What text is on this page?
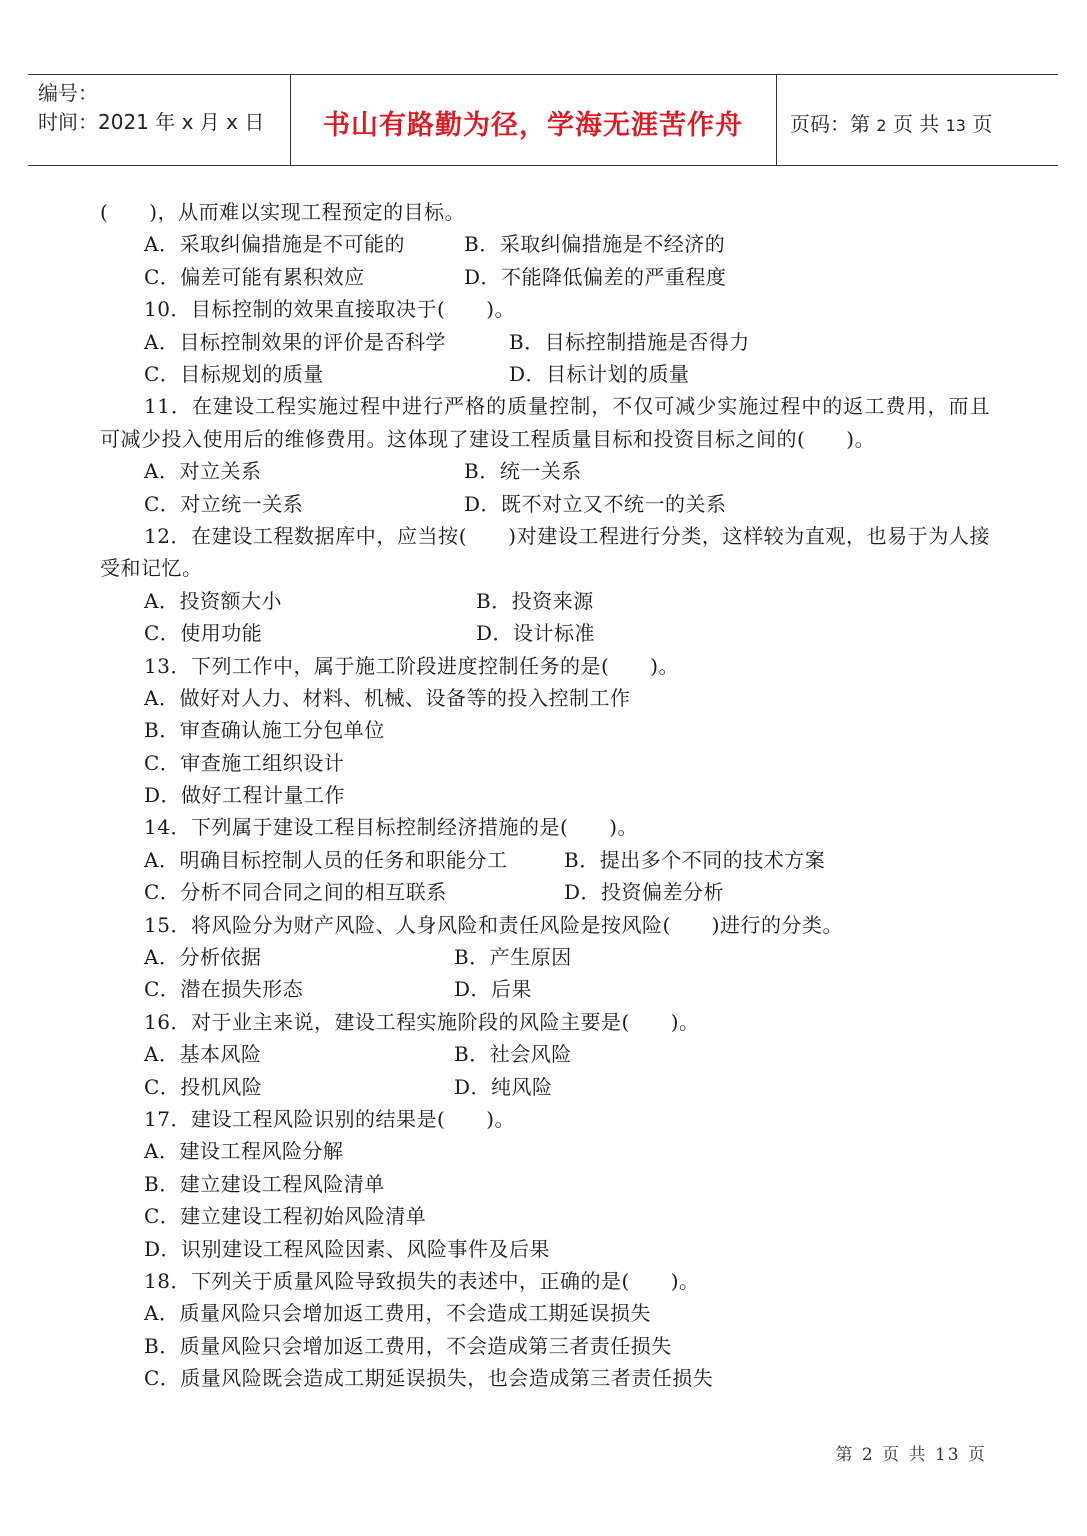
编号：
时间：2021 年 x 月 x 日	书山有路勤为径，学海无涯苦作舟	页码：第 2 页 共 13 页
(　　)，从而难以实现工程预定的目标。
A．采取纠偏措施是不可能的	B．采取纠偏措施是不经济的
C．偏差可能有累积效应	D．不能降低偏差的严重程度
10．目标控制的效果直接取决于(　　)。
A．目标控制效果的评价是否科学	B．目标控制措施是否得力
C．目标规划的质量	D．目标计划的质量
11．在建设工程实施过程中进行严格的质量控制，不仅可减少实施过程中的返工费用，而且可减少投入使用后的维修费用。这体现了建设工程质量目标和投资目标之间的(　　)。
A．对立关系	B．统一关系
C．对立统一关系	D．既不对立又不统一的关系
12．在建设工程数据库中，应当按(　　)对建设工程进行分类，这样较为直观，也易于为人接受和记忆。
A．投资额大小	B．投资来源
C．使用功能	D．设计标准
13．下列工作中，属于施工阶段进度控制任务的是(　　)。
A．做好对人力、材料、机械、设备等的投入控制工作
B．审查确认施工分包单位
C．审查施工组织设计
D．做好工程计量工作
14．下列属于建设工程目标控制经济措施的是(　　)。
A．明确目标控制人员的任务和职能分工	B．提出多个不同的技术方案
C．分析不同合同之间的相互联系	D．投资偏差分析
15．将风险分为财产风险、人身风险和责任风险是按风险(　　)进行的分类。
A．分析依据	B．产生原因
C．潜在损失形态	D．后果
16．对于业主来说，建设工程实施阶段的风险主要是(　　)。
A．基本风险	B．社会风险
C．投机风险	D．纯风险
17．建设工程风险识别的结果是(　　)。
A．建设工程风险分解
B．建立建设工程风险清单
C．建立建设工程初始风险清单
D．识别建设工程风险因素、风险事件及后果
18．下列关于质量风险导致损失的表述中，正确的是(　　)。
A．质量风险只会增加返工费用，不会造成工期延误损失
B．质量风险只会增加返工费用，不会造成第三者责任损失
C．质量风险既会造成工期延误损失，也会造成第三者责任损失
第 2 页 共 13 页
